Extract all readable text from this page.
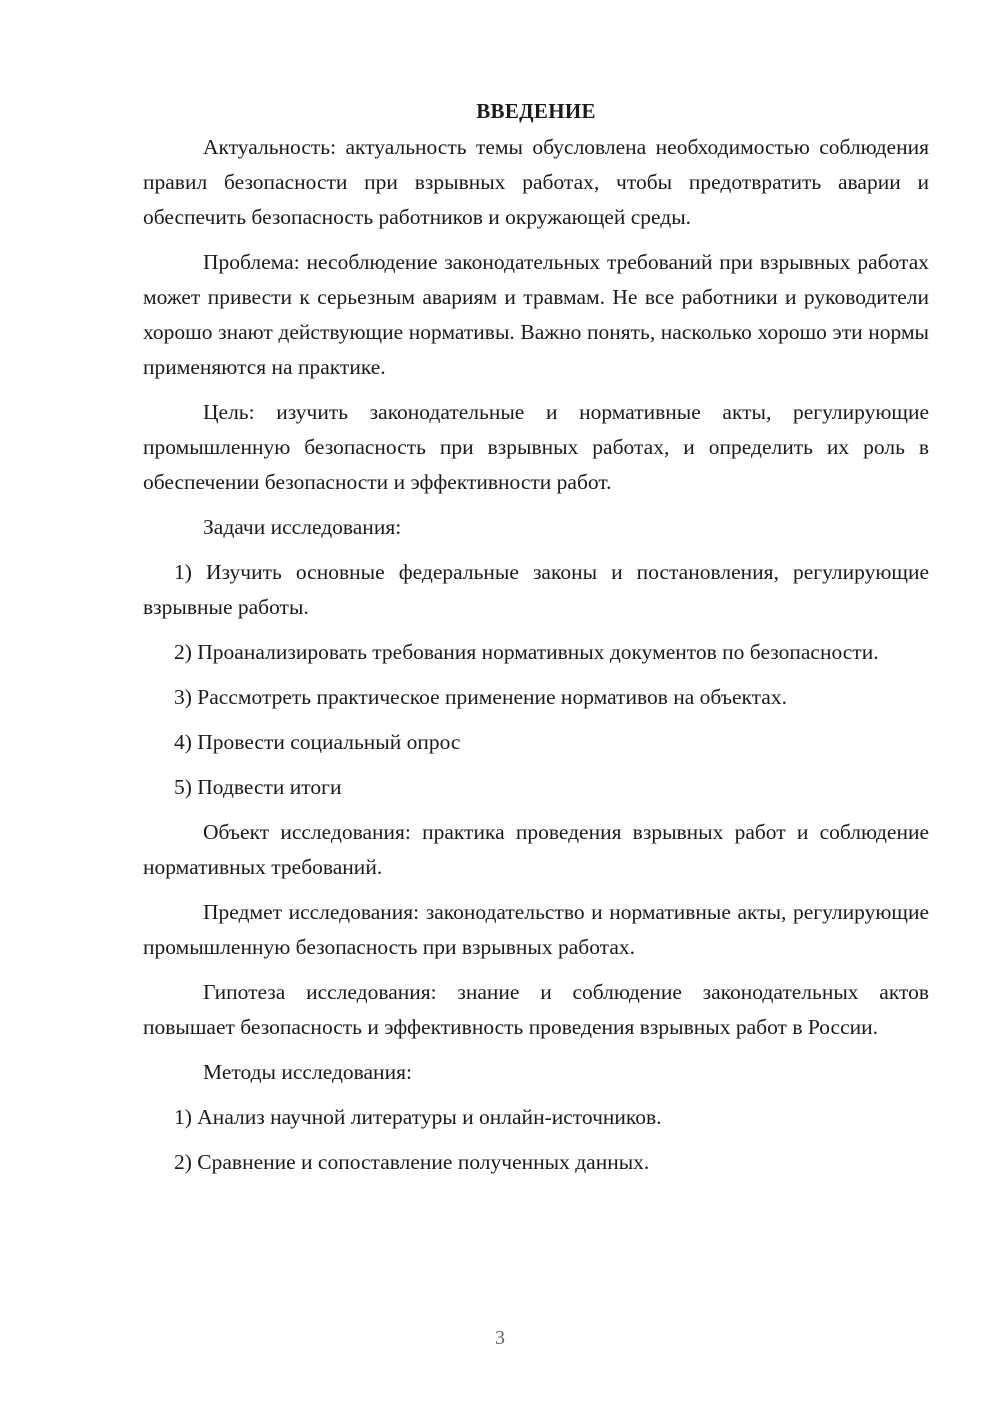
ВВЕДЕНИЕ

Актуальность: актуальность темы обусловлена необходимостью соблюдения правил безопасности при взрывных работах, чтобы предотвратить аварии и обеспечить безопасность работников и окружающей среды.

Проблема: несоблюдение законодательных требований при взрывных работах может привести к серьезным авариям и травмам. Не все работники и руководители хорошо знают действующие нормативы. Важно понять, насколько хорошо эти нормы применяются на практике.

Цель: изучить законодательные и нормативные акты, регулирующие промышленную безопасность при взрывных работах, и определить их роль в обеспечении безопасности и эффективности работ.

Задачи исследования:

1) Изучить основные федеральные законы и постановления, регулирующие взрывные работы.

2) Проанализировать требования нормативных документов по безопасности.

3) Рассмотреть практическое применение нормативов на объектах.

4) Провести социальный опрос

5) Подвести итоги

Объект исследования: практика проведения взрывных работ и соблюдение нормативных требований.

Предмет исследования: законодательство и нормативные акты, регулирующие промышленную безопасность при взрывных работах.

Гипотеза исследования: знание и соблюдение законодательных актов повышает безопасность и эффективность проведения взрывных работ в России.

Методы исследования:

1) Анализ научной литературы и онлайн-источников.

2) Сравнение и сопоставление полученных данных.

3
